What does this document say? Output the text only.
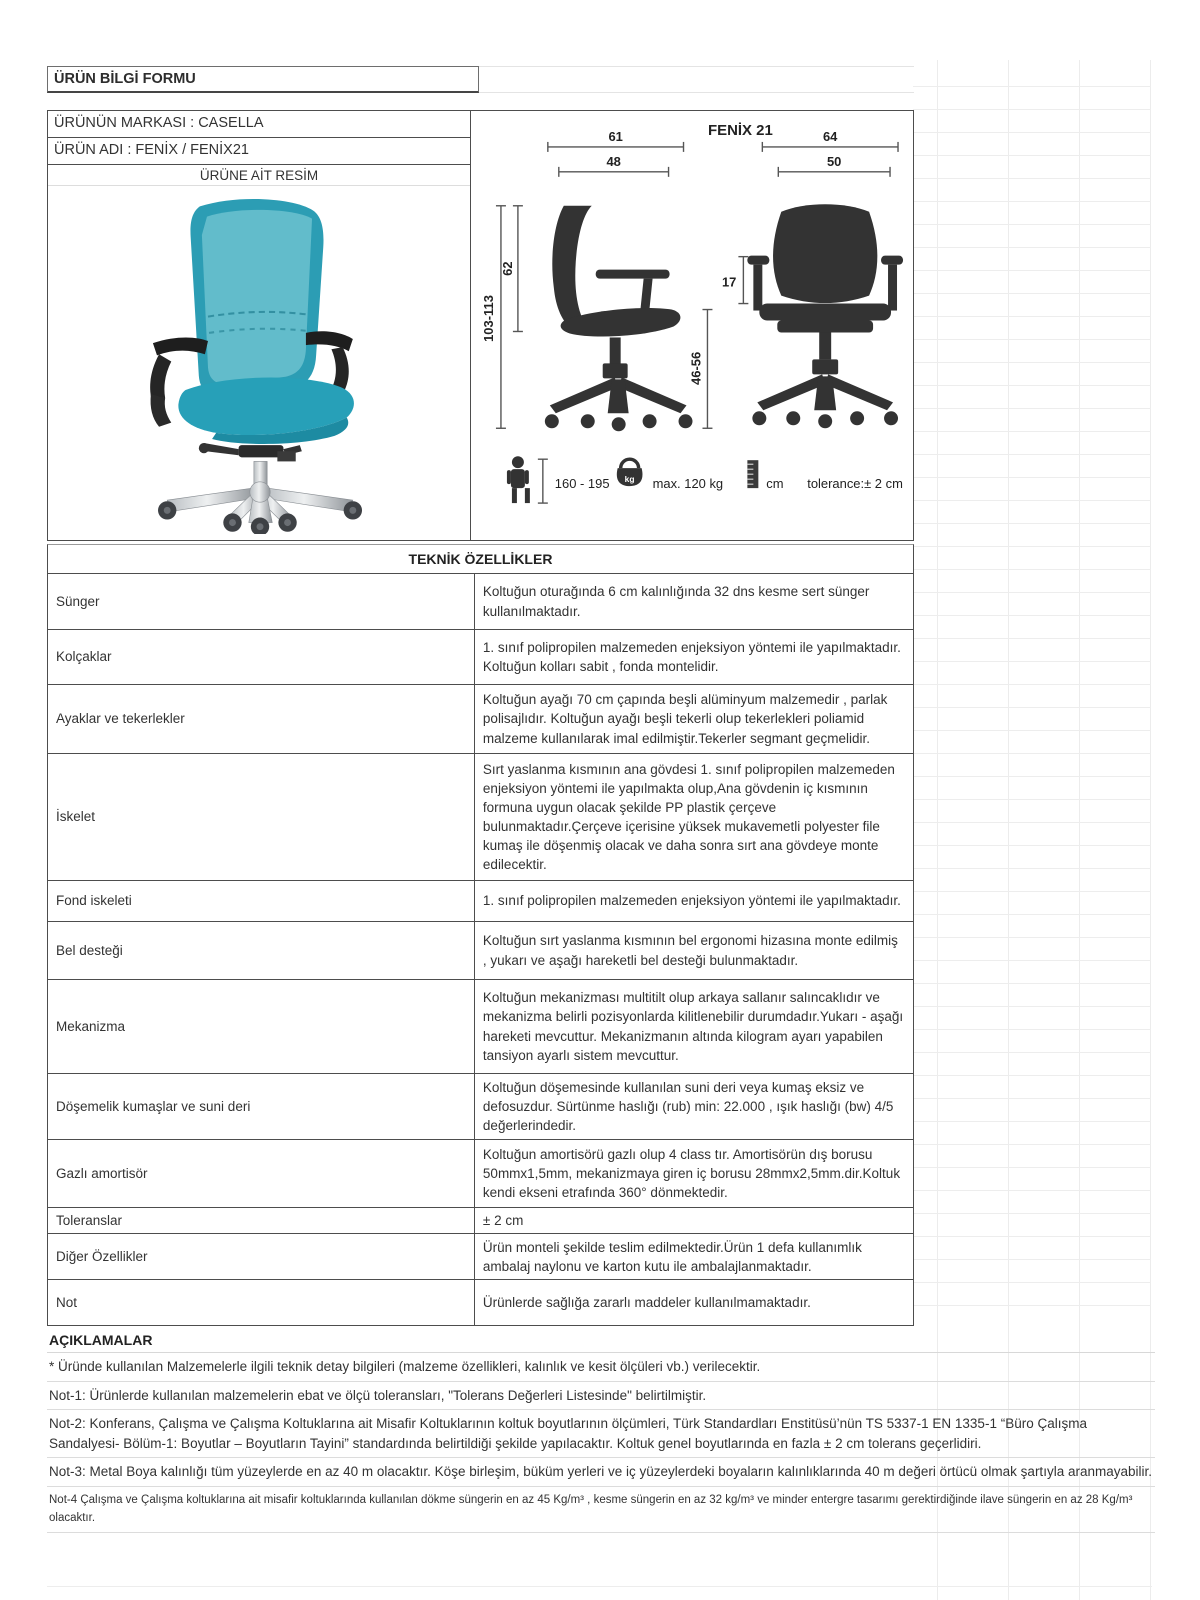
ÜRÜN BİLGİ FORMU
ÜRÜNÜN MARKASI : CASELLA
ÜRÜN ADI : FENİX / FENİX21
ÜRÜNE AİT RESİM
FENİX 21
61
48
64
50
103-113
62
46-56
17
160 - 195 kg max. 120 kg	cm tolerance:± 2 cm
TEKNİK ÖZELLİKLER
Sünger	Koltuğun oturağında 6 cm kalınlığında 32 dns kesme sert sünger kullanılmaktadır.
Kolçaklar	1. sınıf polipropilen malzemeden enjeksiyon yöntemi ile yapılmaktadır. Koltuğun kolları sabit , fonda montelidir.
Ayaklar ve tekerlekler	Koltuğun ayağı 70 cm çapında beşli alüminyum malzemedir , parlak polisajlıdır. Koltuğun ayağı beşli tekerli olup tekerlekleri poliamid malzeme kullanılarak imal edilmiştir.Tekerler segmant geçmelidir.
İskelet	Sırt yaslanma kısmının ana gövdesi 1. sınıf polipropilen malzemeden enjeksiyon yöntemi ile yapılmakta olup,Ana gövdenin iç kısmının formuna uygun olacak şekilde PP plastik çerçeve bulunmaktadır.Çerçeve içerisine yüksek mukavemetli polyester file kumaş ile döşenmiş olacak ve daha sonra sırt ana gövdeye monte edilecektir.
Fond iskeleti	1. sınıf polipropilen malzemeden enjeksiyon yöntemi ile yapılmaktadır.
Bel desteği	Koltuğun sırt yaslanma kısmının bel ergonomi hizasına monte edilmiş , yukarı ve aşağı hareketli bel desteği bulunmaktadır.
Mekanizma	Koltuğun mekanizması multitilt olup arkaya sallanır salıncaklıdır ve mekanizma belirli pozisyonlarda kilitlenebilir durumdadır.Yukarı - aşağı hareketi mevcuttur. Mekanizmanın altında kilogram ayarı yapabilen tansiyon ayarlı sistem mevcuttur.
Döşemelik kumaşlar ve suni deri	Koltuğun döşemesinde kullanılan suni deri veya kumaş eksiz ve defosuzdur. Sürtünme haslığı (rub) min: 22.000 , ışık haslığı (bw) 4/5 değerlerindedir.
Gazlı amortisör	Koltuğun amortisörü gazlı olup 4 class tır. Amortisörün dış borusu 50mmx1,5mm, mekanizmaya giren iç borusu 28mmx2,5mm.dir.Koltuk kendi ekseni etrafında 360° dönmektedir.
Toleranslar	± 2 cm
Diğer Özellikler	Ürün monteli şekilde teslim edilmektedir.Ürün 1 defa kullanımlık ambalaj naylonu ve karton kutu ile ambalajlanmaktadır.
Not	Ürünlerde sağlığa zararlı maddeler kullanılmamaktadır.
AÇIKLAMALAR
* Üründe kullanılan Malzemelerle ilgili teknik detay bilgileri (malzeme özellikleri, kalınlık ve kesit ölçüleri vb.) verilecektir.
Not-1: Ürünlerde kullanılan malzemelerin ebat ve ölçü toleransları, "Tolerans Değerleri Listesinde" belirtilmiştir.
Not-2: Konferans, Çalışma ve Çalışma Koltuklarına ait Misafir Koltuklarının koltuk boyutlarının ölçümleri, Türk Standardları Enstitüsü’nün TS 5337-1 EN 1335-1 “Büro Çalışma Sandalyesi- Bölüm-1: Boyutlar – Boyutların Tayini” standardında belirtildiği şekilde yapılacaktır. Koltuk genel boyutlarında en fazla ± 2 cm tolerans geçerlidiri.
Not-3: Metal Boya kalınlığı tüm yüzeylerde en az 40 m olacaktır. Köşe birleşim, büküm yerleri ve iç yüzeylerdeki boyaların kalınlıklarında 40 m değeri örtücü olmak şartıyla aranmayabilir.
Not-4 Çalışma ve Çalışma koltuklarına ait misafir koltuklarında kullanılan dökme süngerin en az 45 Kg/m³ , kesme süngerin en az 32 kg/m³ ve minder entergre tasarımı gerektirdiğinde ilave süngerin en az 28 Kg/m³ olacaktır.
